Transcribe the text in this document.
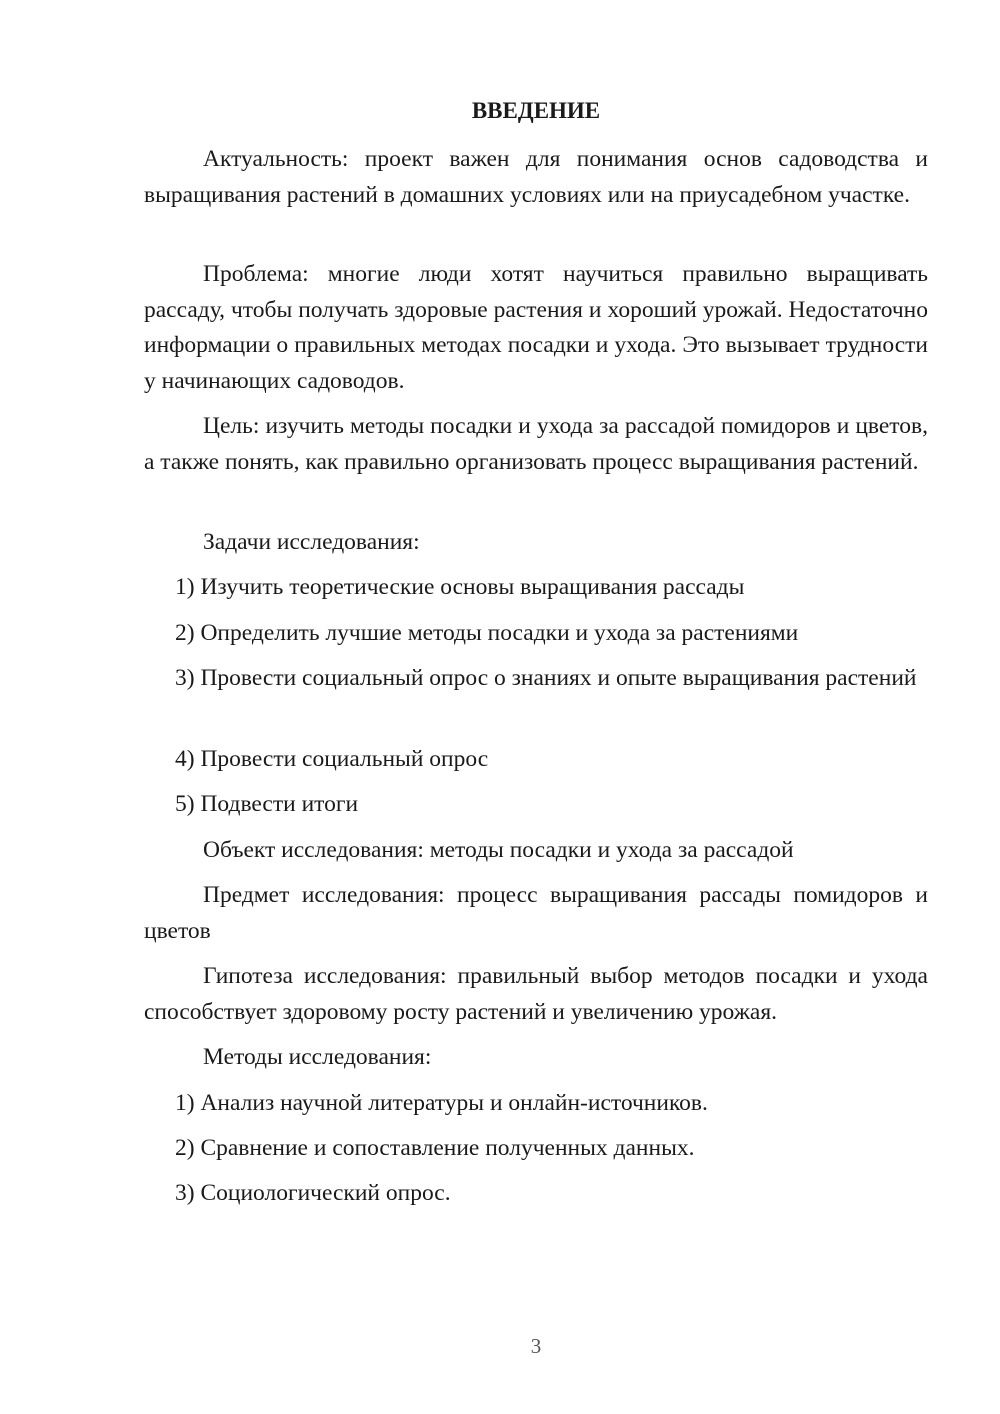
ВВЕДЕНИЕ

Актуальность: проект важен для понимания основ садоводства и выращивания растений в домашних условиях или на приусадебном участке.

Проблема: многие люди хотят научиться правильно выращивать рассаду, чтобы получать здоровые растения и хороший урожай. Недостаточно информации о правильных методах посадки и ухода. Это вызывает трудности у начинающих садоводов.

Цель: изучить методы посадки и ухода за рассадой помидоров и цветов, а также понять, как правильно организовать процесс выращивания растений.

Задачи исследования:

1) Изучить теоретические основы выращивания рассады

2) Определить лучшие методы посадки и ухода за растениями

3) Провести социальный опрос о знаниях и опыте выращивания растений

4) Провести социальный опрос

5) Подвести итоги

Объект исследования: методы посадки и ухода за рассадой

Предмет исследования: процесс выращивания рассады помидоров и цветов

Гипотеза исследования: правильный выбор методов посадки и ухода способствует здоровому росту растений и увеличению урожая.

Методы исследования:

1) Анализ научной литературы и онлайн-источников.

2) Сравнение и сопоставление полученных данных.

3) Социологический опрос.

3
